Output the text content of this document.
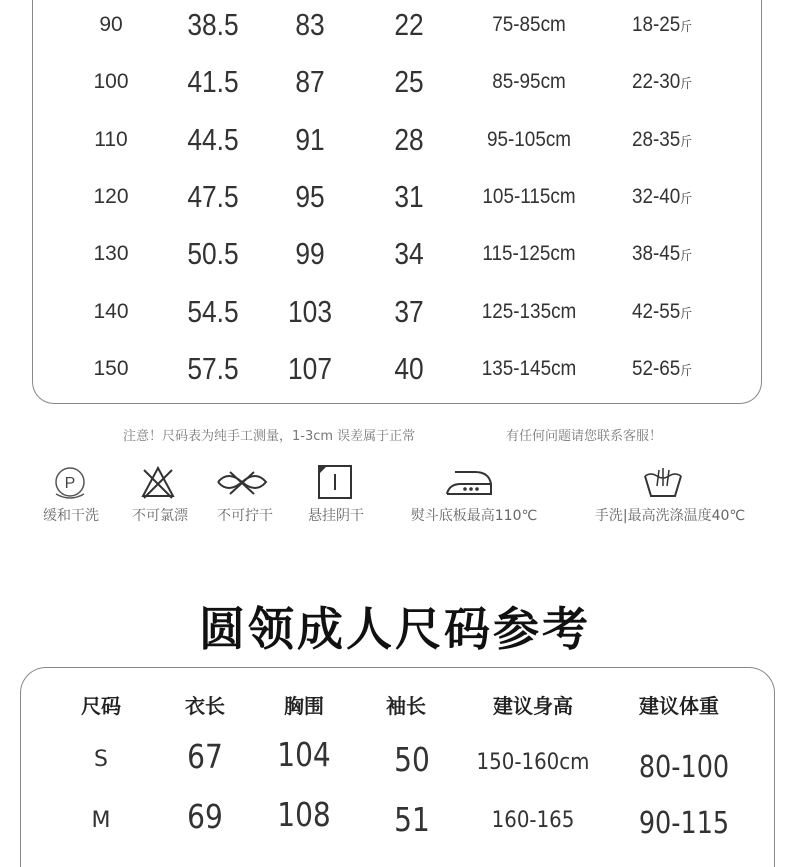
90 38.5 83 22	75-85cm	18-25斤
100 41.5 87 25	85-95cm	22-30斤
110 44.5 91 28	95-105cm	28-35斤
120 47.5 95 31	105-115cm	32-40斤
130 50.5 99 34	115-125cm	38-45斤
140 54.5 103 37	125-135cm	42-55斤
150 57.5 107 40	135-145cm	52-65斤
注意！尺码表为纯手工测量，1-3cm 误差属于正常	有任何问题请您联系客服！
P
缓和干洗 不可氯漂 不可拧干	悬挂阴干	熨斗底板最高110℃	手洗|最高洗涤温度40℃
圆领成人尺码参考
尺码	衣长	胸围	袖长	建议身高	建议体重
S 67 104 50 150-160cm 80-100
M 69 108 51	160-165 90-115
